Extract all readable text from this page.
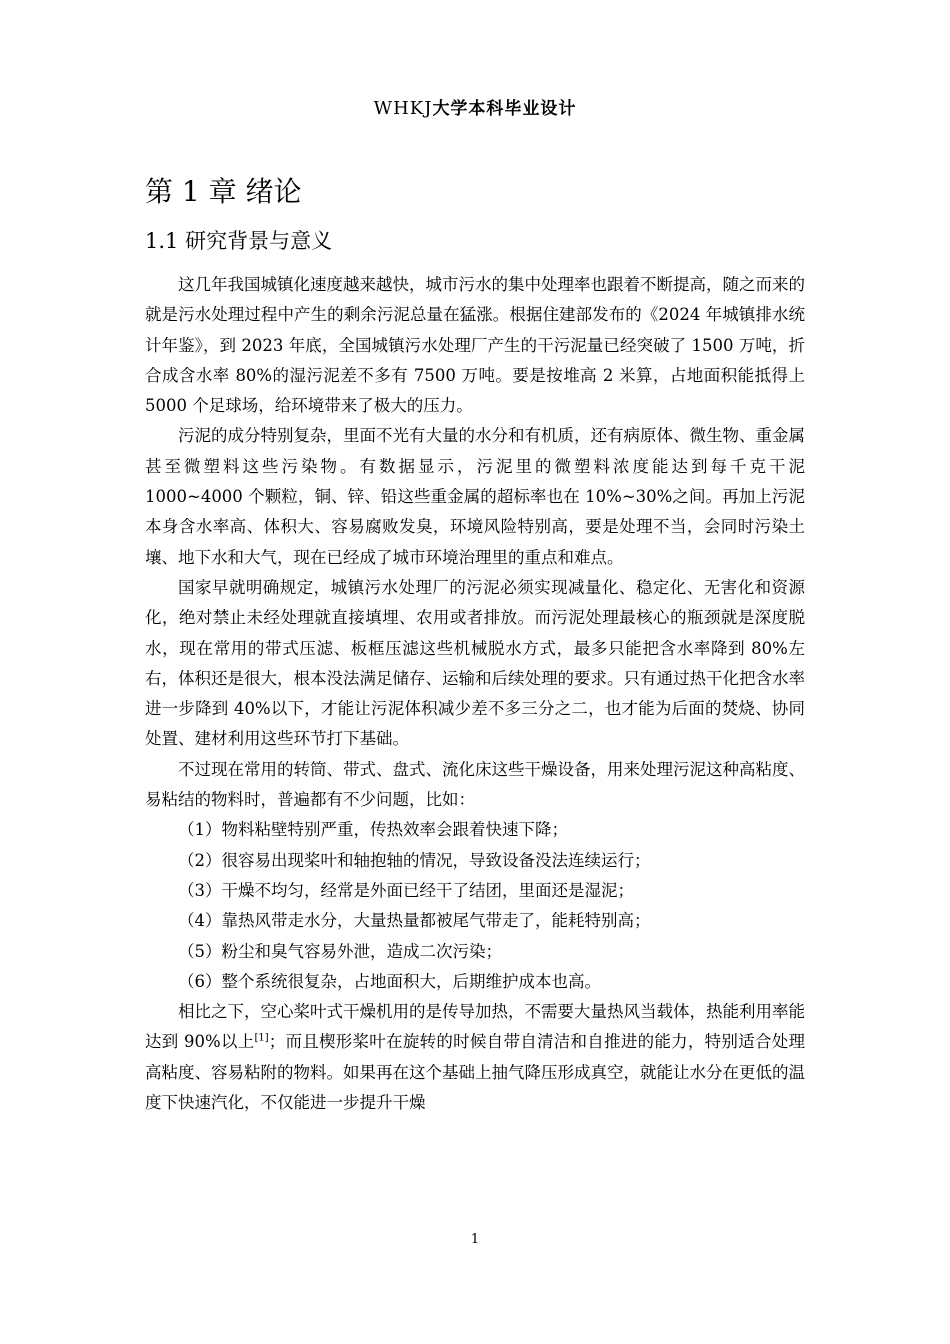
WHKJ大学本科毕业设计
第 1 章 绪论
1.1 研究背景与意义

这几年我国城镇化速度越来越快，城市污水的集中处理率也跟着不断提高，随之而来的就是污水处理过程中产生的剩余污泥总量在猛涨。根据住建部发布的《2024 年城镇排水统计年鉴》，到 2023 年底，全国城镇污水处理厂产生的干污泥量已经突破了 1500 万吨，折合成含水率 80%的湿污泥差不多有 7500 万吨。要是按堆高 2 米算，占地面积能抵得上 5000 个足球场，给环境带来了极大的压力。

污泥的成分特别复杂，里面不光有大量的水分和有机质，还有病原体、微生物、重金属甚至微塑料这些污染物。有数据显示，污泥里的微塑料浓度能达到每千克干泥 1000~4000 个颗粒，铜、锌、铅这些重金属的超标率也在 10%~30%之间。再加上污泥本身含水率高、体积大、容易腐败发臭，环境风险特别高，要是处理不当，会同时污染土壤、地下水和大气，现在已经成了城市环境治理里的重点和难点。

国家早就明确规定，城镇污水处理厂的污泥必须实现减量化、稳定化、无害化和资源化，绝对禁止未经处理就直接填埋、农用或者排放。而污泥处理最核心的瓶颈就是深度脱水，现在常用的带式压滤、板框压滤这些机械脱水方式，最多只能把含水率降到 80%左右，体积还是很大，根本没法满足储存、运输和后续处理的要求。只有通过热干化把含水率进一步降到 40%以下，才能让污泥体积减少差不多三分之二，也才能为后面的焚烧、协同处置、建材利用这些环节打下基础。

不过现在常用的转筒、带式、盘式、流化床这些干燥设备，用来处理污泥这种高粘度、易粘结的物料时，普遍都有不少问题，比如：

（1）物料粘壁特别严重，传热效率会跟着快速下降；

（2）很容易出现桨叶和轴抱轴的情况，导致设备没法连续运行；

（3）干燥不均匀，经常是外面已经干了结团，里面还是湿泥；

（4）靠热风带走水分，大量热量都被尾气带走了，能耗特别高；

（5）粉尘和臭气容易外泄，造成二次污染；

（6）整个系统很复杂，占地面积大，后期维护成本也高。

相比之下，空心桨叶式干燥机用的是传导加热，不需要大量热风当载体，热能利用率能达到 90%以上[1]；而且楔形桨叶在旋转的时候自带自清洁和自推进的能力，特别适合处理高粘度、容易粘附的物料。如果再在这个基础上抽气降压形成真空，就能让水分在更低的温度下快速汽化，不仅能进一步提升干燥

1
